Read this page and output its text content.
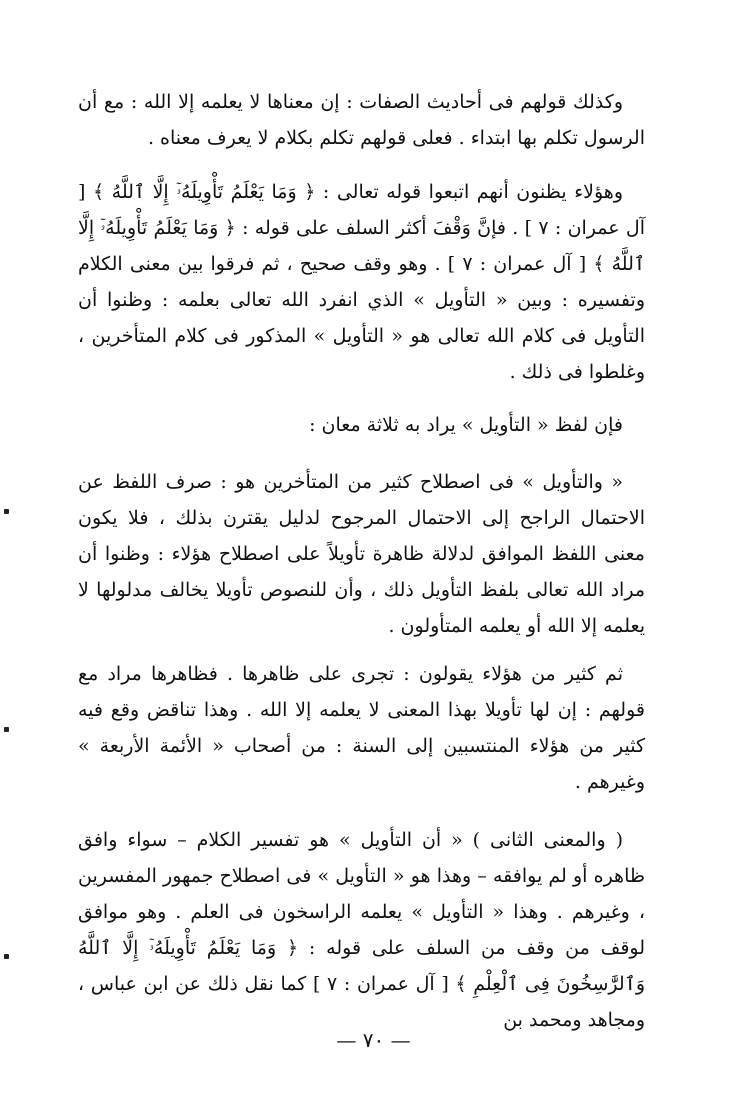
وكذلك قولهم فى أحاديث الصفات : إن معناها لا يعلمه إلا الله : مع أن الرسول تكلم بها ابتداء . فعلى قولهم تكلم بكلام لا يعرف معناه .

وهؤلاء يظنون أنهم اتبعوا قوله تعالى : ﴿ وَمَا يَعْلَمُ تَأْوِيلَهُۥٓ إِلَّا ٱللَّهُ ﴾ [ آل عمران : ٧ ] . فإنَّ وَقْفَ أكثر السلف على قوله : ﴿ وَمَا يَعْلَمُ تَأْوِيلَهُۥٓ إِلَّا ٱللَّهُ ﴾ [ آل عمران : ٧ ] . وهو وقف صحيح ، ثم فرقوا بين معنى الكلام وتفسيره : وبين « التأويل » الذي انفرد الله تعالى بعلمه : وظنوا أن التأويل فى كلام الله تعالى هو « التأويل » المذكور فى كلام المتأخرين ، وغلطوا فى ذلك .

فإن لفظ « التأويل » يراد به ثلاثة معان :

« والتأويل » فى اصطلاح كثير من المتأخرين هو : صرف اللفظ عن الاحتمال الراجح إلى الاحتمال المرجوح لدليل يقترن بذلك ، فلا يكون معنى اللفظ الموافق لدلالة ظاهرة تأويلاً على اصطلاح هؤلاء : وظنوا أن مراد الله تعالى بلفظ التأويل ذلك ، وأن للنصوص تأويلا يخالف مدلولها لا يعلمه إلا الله أو يعلمه المتأولون .

ثم كثير من هؤلاء يقولون : تجرى على ظاهرها . فظاهرها مراد مع قولهم : إن لها تأويلا بهذا المعنى لا يعلمه إلا الله . وهذا تناقض وقع فيه كثير من هؤلاء المنتسبين إلى السنة : من أصحاب « الأئمة الأربعة » وغيرهم .

( والمعنى الثانى ) « أن التأويل » هو تفسير الكلام – سواء وافق ظاهره أو لم يوافقه – وهذا هو « التأويل » فى اصطلاح جمهور المفسرين ، وغيرهم . وهذا « التأويل » يعلمه الراسخون فى العلم . وهو موافق لوقف من وقف من السلف على قوله : ﴿ وَمَا يَعْلَمُ تَأْوِيلَهُۥٓ إِلَّا ٱللَّهُ وَٱلرَّٰسِخُونَ فِى ٱلْعِلْمِ ﴾ [ آل عمران : ٧ ] كما نقل ذلك عن ابن عباس ، ومجاهد ومحمد بن

— ٧٠ —
